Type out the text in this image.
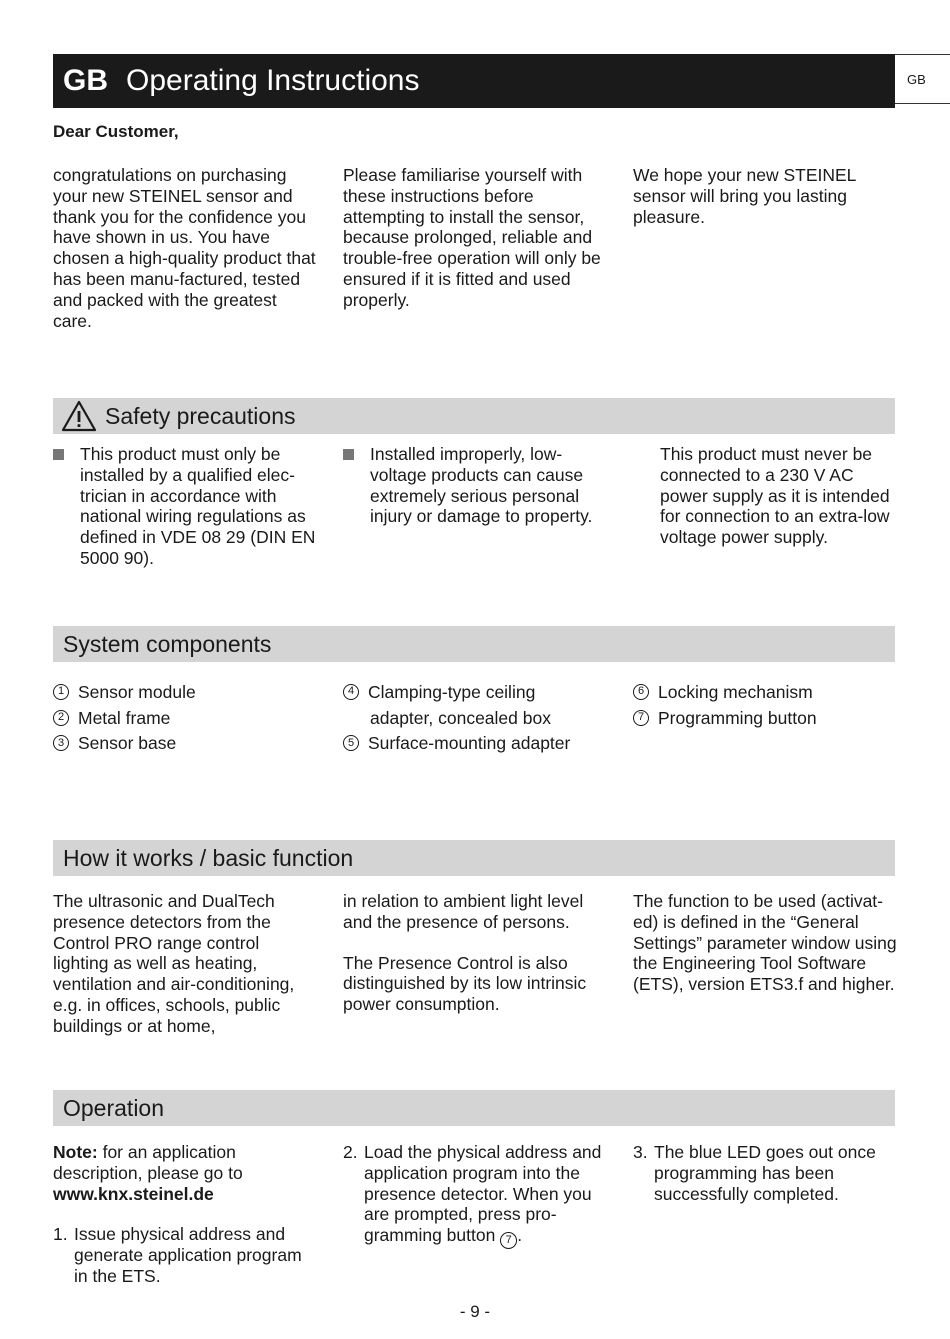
GB Operating Instructions	GB
Dear Customer,

congratulations on purchasing your new STEINEL sensor and thank you for the confidence you have shown in us. You have chosen a high-quality product that has been manu-factured, tested and packed with the greatest care.

Please familiarise yourself with these instructions before attempting to install the sensor, because prolonged, reliable and trouble-free operation will only be ensured if it is fitted and used properly.

We hope your new STEINEL sensor will bring you lasting pleasure.

Safety precautions
This product must only be installed by a qualified elec-trician in accordance with national wiring regulations as defined in VDE 08 29 (DIN EN 5000 90).
Installed improperly, low-voltage products can cause extremely serious personal injury or damage to property.

This product must never be connected to a 230 V AC power supply as it is intended for connection to an extra-low voltage power supply.

System components
1 Sensor module
2 Metal frame
3 Sensor base
4 Clamping-type ceiling
adapter, concealed box
5 Surface-mounting adapter
6 Locking mechanism
7 Programming button
How it works / basic function

The ultrasonic and DualTech presence detectors from the Control PRO range control lighting as well as heating, ventilation and air-conditioning, e.g. in offices, schools, public buildings or at home,

in relation to ambient light level and the presence of persons.

The Presence Control is also distinguished by its low intrinsic power consumption.

The function to be used (activat-ed) is defined in the “General Settings” parameter window using the Engineering Tool Software (ETS), version ETS3.f and higher.

Operation

Note: for an application description, please go to
www.knx.steinel.de

1. Issue physical address and generate application program in the ETS.
2. Load the physical address and application program into the presence detector. When you are prompted, press pro-gramming button 7 .
3. The blue LED goes out once programming has been successfully completed.
- 9 -
